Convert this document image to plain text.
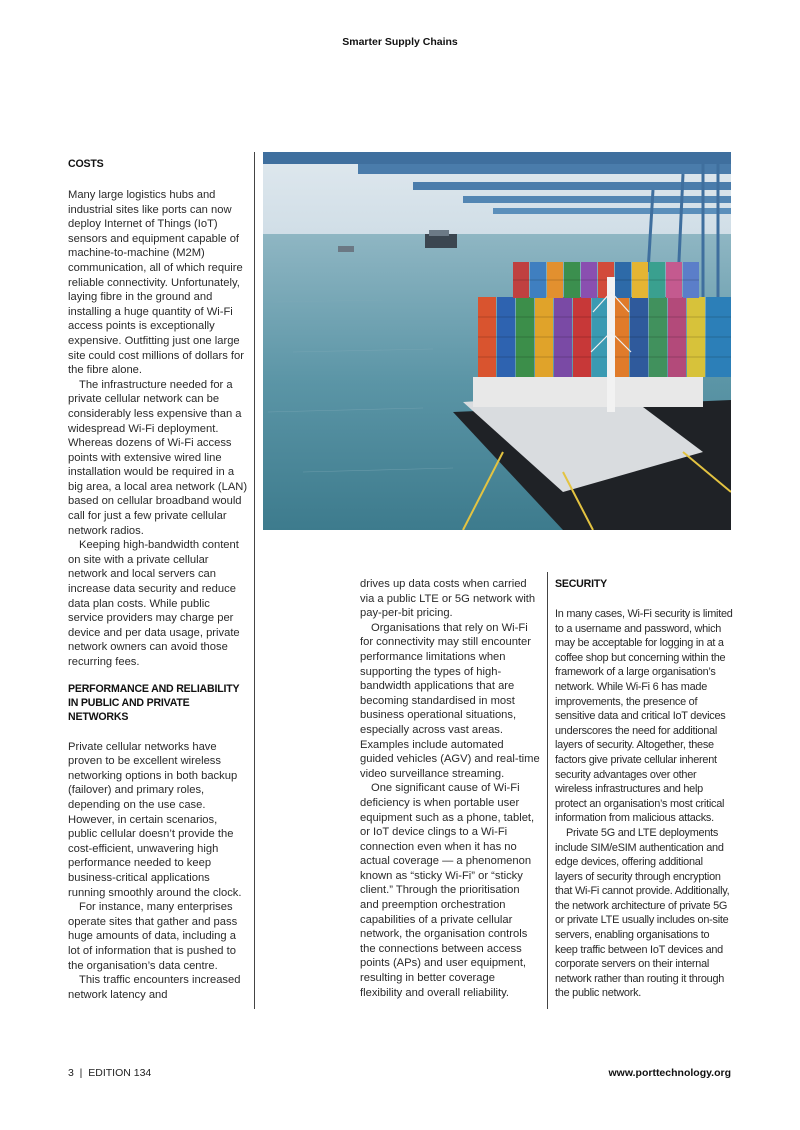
Smarter Supply Chains
COSTS

Many large logistics hubs and industrial sites like ports can now deploy Internet of Things (IoT) sensors and equipment capable of machine-to-machine (M2M) communication, all of which require reliable connectivity. Unfortunately, laying fibre in the ground and installing a huge quantity of Wi-Fi access points is exceptionally expensive. Outfitting just one large site could cost millions of dollars for the fibre alone.

The infrastructure needed for a private cellular network can be considerably less expensive than a widespread Wi-Fi deployment. Whereas dozens of Wi-Fi access points with extensive wired line installation would be required in a big area, a local area network (LAN) based on cellular broadband would call for just a few private cellular network radios.

Keeping high-bandwidth content on site with a private cellular network and local servers can increase data security and reduce data plan costs. While public service providers may charge per device and per data usage, private network owners can avoid those recurring fees.

PERFORMANCE AND RELIABILITY IN PUBLIC AND PRIVATE NETWORKS

Private cellular networks have proven to be excellent wireless networking options in both backup (failover) and primary roles, depending on the use case. However, in certain scenarios, public cellular doesn’t provide the cost-efficient, unwavering high performance needed to keep business-critical applications running smoothly around the clock.

For instance, many enterprises operate sites that gather and pass huge amounts of data, including a lot of information that is pushed to the organisation’s data centre.

This traffic encounters increased network latency and

drives up data costs when carried via a public LTE or 5G network with pay-per-bit pricing.

Organisations that rely on Wi-Fi for connectivity may still encounter performance limitations when supporting the types of high-bandwidth applications that are becoming standardised in most business operational situations, especially across vast areas. Examples include automated guided vehicles (AGV) and real-time video surveillance streaming.

One significant cause of Wi-Fi deficiency is when portable user equipment such as a phone, tablet, or IoT device clings to a Wi-Fi connection even when it has no actual coverage — a phenomenon known as “sticky Wi-Fi” or “sticky client.” Through the prioritisation and preemption orchestration capabilities of a private cellular network, the organisation controls the connections between access points (APs) and user equipment, resulting in better coverage flexibility and overall reliability.

SECURITY

In many cases, Wi-Fi security is limited to a username and password, which may be acceptable for logging in at a coffee shop but concerning within the framework of a large organisation’s network. While Wi-Fi 6 has made improvements, the presence of sensitive data and critical IoT devices underscores the need for additional layers of security. Altogether, these factors give private cellular inherent security advantages over other wireless infrastructures and help protect an organisation’s most critical information from malicious attacks.

Private 5G and LTE deployments include SIM/eSIM authentication and edge devices, offering additional layers of security through encryption that Wi-Fi cannot provide. Additionally, the network architecture of private 5G or private LTE usually includes on-site servers, enabling organisations to keep traffic between IoT devices and corporate servers on their internal network rather than routing it through the public network.

3  |  EDITION 134	www.porttechnology.org
